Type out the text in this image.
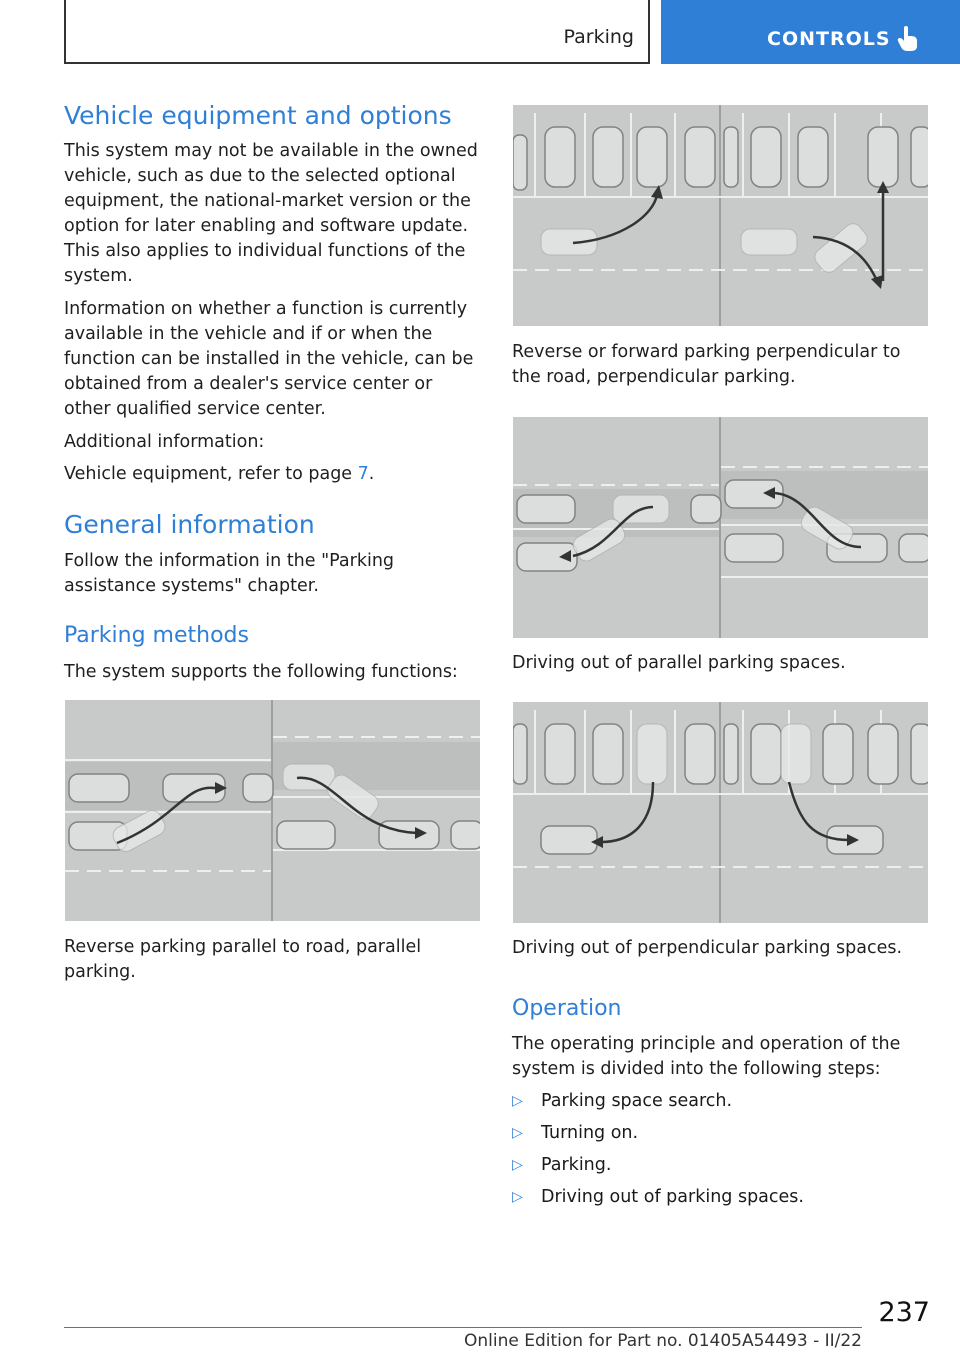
Parking	CONTROLS
Vehicle equipment and options
This system may not be available in the owned vehicle, such as due to the selected optional equipment, the national-market version or the option for later enabling and software update. This also applies to individual functions of the system.
Information on whether a function is currently available in the vehicle and if or when the function can be installed in the vehicle, can be obtained from a dealer's service center or other qualified service center.
Additional information:
Vehicle equipment, refer to page 7.
General information
Follow the information in the "Parking assistance systems" chapter.
Parking methods
The system supports the following functions:
Reverse parking parallel to road, parallel parking.
Reverse or forward parking perpendicular to the road, perpendicular parking.
Driving out of parallel parking spaces.
Driving out of perpendicular parking spaces.
Operation
The operating principle and operation of the system is divided into the following steps:
▷ Parking space search.
▷ Turning on.
▷ Parking.
▷ Driving out of parking spaces.
237
Online Edition for Part no. 01405A54493 - II/22
